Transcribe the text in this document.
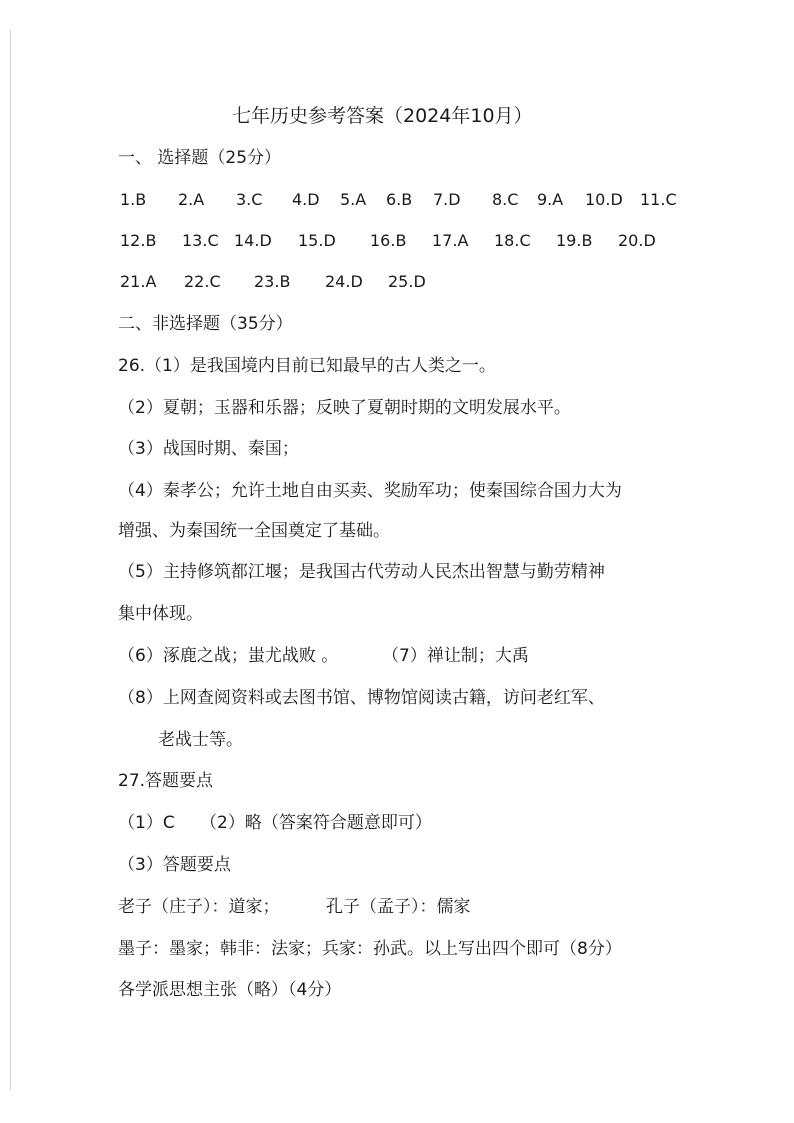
七年历史参考答案（2024年10月）
一、 选择题（25分）
1.B 2.A 3.C 4.D 5.A 6.B 7.D 8.C 9.A 10.D 11.C
12.B 13.C 14.D 15.D 16.B 17.A 18.C 19.B 20.D
21.A 22.C 23.B 24.D 25.D
二、非选择题（35分）
26.（1）是我国境内目前已知最早的古人类之一。
（2）夏朝；玉器和乐器；反映了夏朝时期的文明发展水平。
（3）战国时期、秦国；
（4）秦孝公；允许土地自由买卖、奖励军功；使秦国综合国力大为
增强、为秦国统一全国奠定了基础。
（5）主持修筑都江堰；是我国古代劳动人民杰出智慧与勤劳精神
集中体现。
（6）涿鹿之战；蚩尤战败 。	（7）禅让制；大禹
（8）上网查阅资料或去图书馆、博物馆阅读古籍，访问老红军、
老战士等。
27.答题要点
（1）C （2）略（答案符合题意即可）
（3）答题要点
老子（庄子）：道家；	孔子（孟子）：儒家
墨子：墨家；韩非：法家；兵家：孙武。以上写出四个即可（8分）
各学派思想主张（略）（4分）
